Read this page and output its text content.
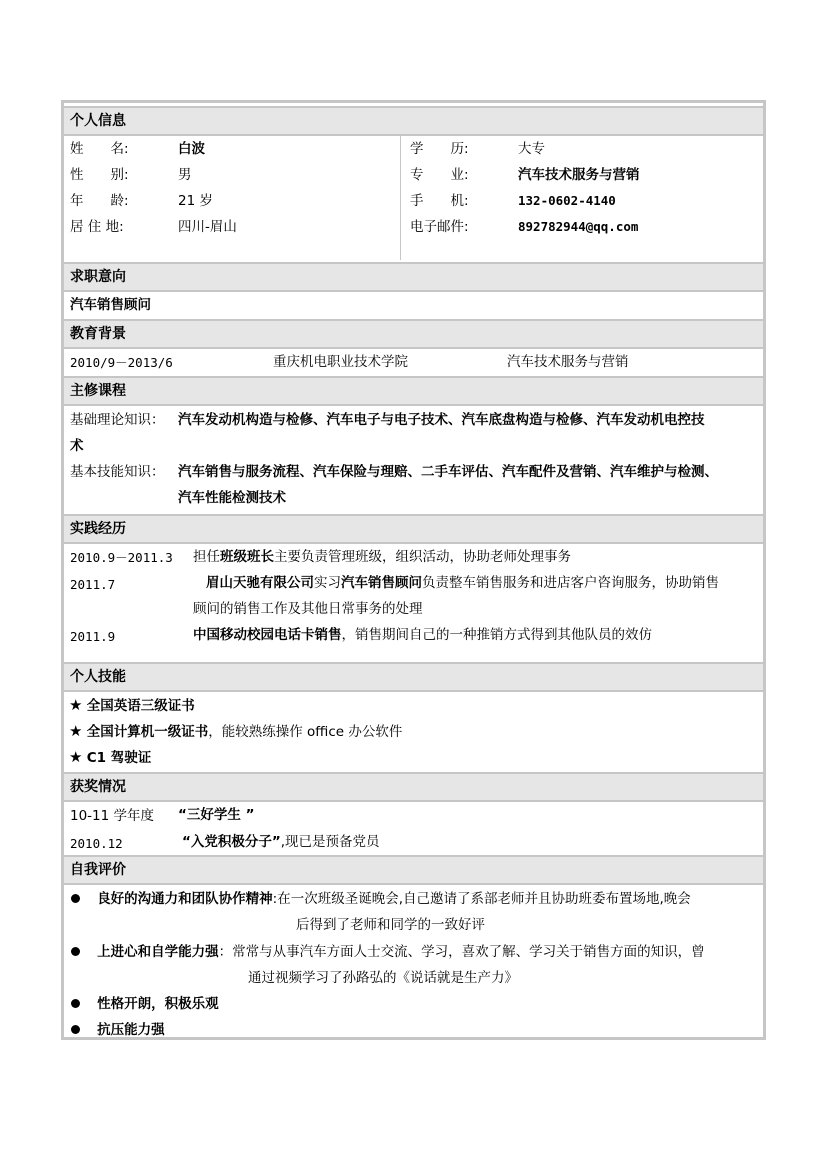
个人信息
姓　　名:	白波
性　　别:	男
年　　龄:	21 岁
居 住 地:	四川-眉山
学　　历:	大专
专　　业:	汽车技术服务与营销
手　　机:	132-0602-4140
电子邮件:	892782944@qq.com
求职意向
汽车销售顾问
教育背景
2010/9－2013/6	重庆机电职业技术学院	汽车技术服务与营销
主修课程
基础理论知识： 汽车发动机构造与检修、汽车电子与电子技术、汽车底盘构造与检修、汽车发动机电控技
术
基本技能知识： 汽车销售与服务流程、汽车保险与理赔、二手车评估、汽车配件及营销、汽车维护与检测、
汽车性能检测技术
实践经历
2010.9－2011.3 担任班级班长主要负责管理班级，组织活动，协助老师处理事务
2011.7	眉山天驰有限公司实习汽车销售顾问负责整车销售服务和进店客户咨询服务，协助销售
顾问的销售工作及其他日常事务的处理
2011.9	中国移动校园电话卡销售，销售期间自己的一种推销方式得到其他队员的效仿
个人技能
★ 全国英语三级证书
★ 全国计算机一级证书，能较熟练操作 office 办公软件
★ C1 驾驶证
获奖情况
10-11 学年度 “三好学生 ”
2010.12	“入党积极分子”,现已是预备党员
自我评价
良好的沟通力和团队协作精神:在一次班级圣诞晚会,自己邀请了系部老师并且协助班委布置场地,晚会
后得到了老师和同学的一致好评
上进心和自学能力强：常常与从事汽车方面人士交流、学习，喜欢了解、学习关于销售方面的知识，曾
通过视频学习了孙路弘的《说话就是生产力》
性格开朗，积极乐观
抗压能力强
